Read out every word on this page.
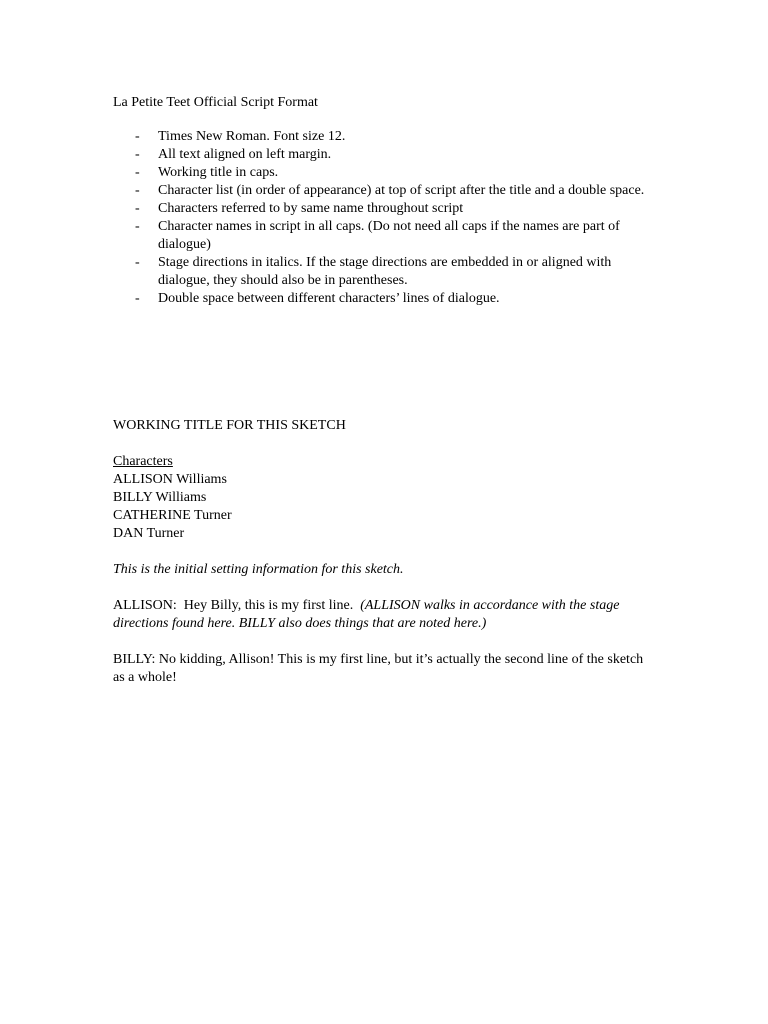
La Petite Teet Official Script Format
- Times New Roman. Font size 12.
- All text aligned on left margin.
- Working title in caps.
- Character list (in order of appearance) at top of script after the title and a double space.
- Characters referred to by same name throughout script
- Character names in script in all caps. (Do not need all caps if the names are part of dialogue)
- Stage directions in italics. If the stage directions are embedded in or aligned with dialogue, they should also be in parentheses.
- Double space between different characters’ lines of dialogue.

WORKING TITLE FOR THIS SKETCH

Characters

ALLISON Williams

BILLY Williams

CATHERINE Turner

DAN Turner

This is the initial setting information for this sketch.

ALLISON: Hey Billy, this is my first line. (ALLISON walks in accordance with the stage directions found here. BILLY also does things that are noted here.)

BILLY: No kidding, Allison! This is my first line, but it’s actually the second line of the sketch as a whole!
